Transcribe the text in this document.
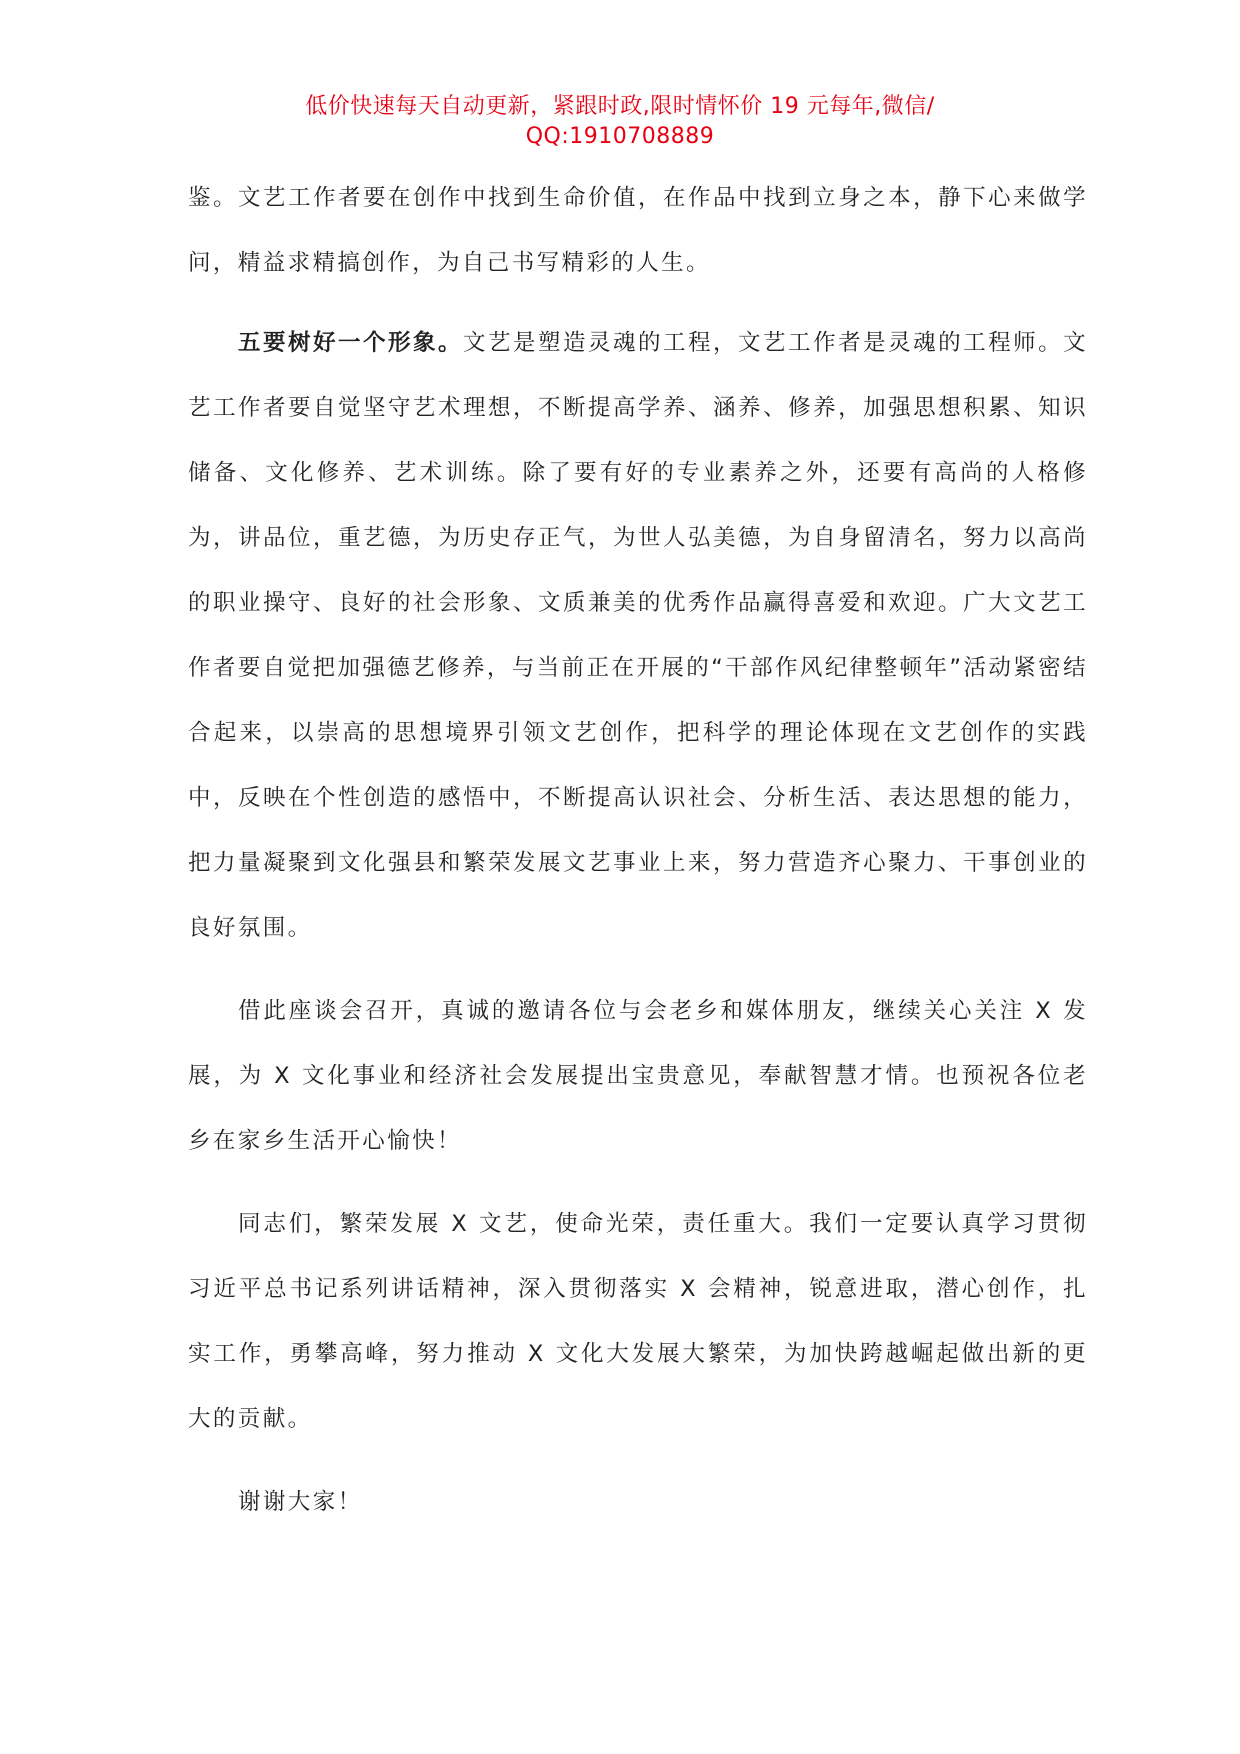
低价快速每天自动更新，紧跟时政,限时情怀价 19 元每年,微信/
QQ:1910708889

鉴。文艺工作者要在创作中找到生命价值，在作品中找到立身之本，静下心来做学问，精益求精搞创作，为自己书写精彩的人生。

五要树好一个形象。文艺是塑造灵魂的工程，文艺工作者是灵魂的工程师。文艺工作者要自觉坚守艺术理想，不断提高学养、涵养、修养，加强思想积累、知识储备、文化修养、艺术训练。除了要有好的专业素养之外，还要有高尚的人格修为，讲品位，重艺德，为历史存正气，为世人弘美德，为自身留清名，努力以高尚的职业操守、良好的社会形象、文质兼美的优秀作品赢得喜爱和欢迎。广大文艺工作者要自觉把加强德艺修养，与当前正在开展的“干部作风纪律整顿年”活动紧密结合起来，以崇高的思想境界引领文艺创作，把科学的理论体现在文艺创作的实践中，反映在个性创造的感悟中，不断提高认识社会、分析生活、表达思想的能力，把力量凝聚到文化强县和繁荣发展文艺事业上来，努力营造齐心聚力、干事创业的良好氛围。

借此座谈会召开，真诚的邀请各位与会老乡和媒体朋友，继续关心关注 X 发展，为 X 文化事业和经济社会发展提出宝贵意见，奉献智慧才情。也预祝各位老乡在家乡生活开心愉快！

同志们，繁荣发展 X 文艺，使命光荣，责任重大。我们一定要认真学习贯彻习近平总书记系列讲话精神，深入贯彻落实 X 会精神，锐意进取，潜心创作，扎实工作，勇攀高峰，努力推动 X 文化大发展大繁荣，为加快跨越崛起做出新的更大的贡献。

谢谢大家！
